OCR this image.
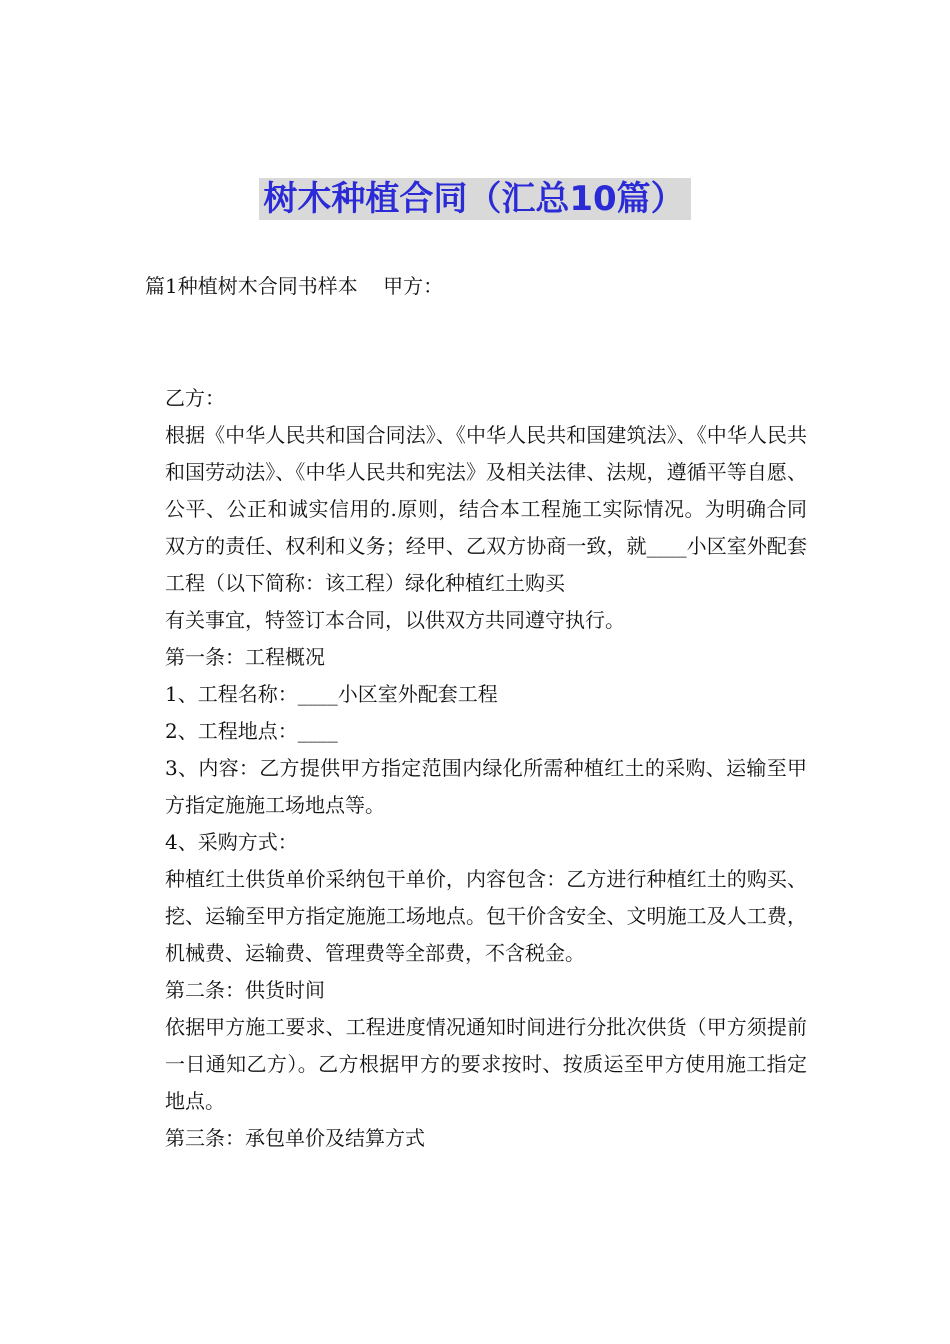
树木种植合同（汇总10篇）
篇1种植树木合同书样本    甲方：

乙方：

根据《中华人民共和国合同法》、《中华人民共和国建筑法》、《中华人民共和国劳动法》、《中华人民共和宪法》及相关法律、法规，遵循平等自愿、公平、公正和诚实信用的.原则，结合本工程施工实际情况。为明确合同双方的责任、权利和义务；经甲、乙双方协商一致，就____小区室外配套工程（以下简称：该工程）绿化种植红土购买

有关事宜，特签订本合同，以供双方共同遵守执行。

第一条：工程概况

1、工程名称：____小区室外配套工程

2、工程地点：____

3、内容：乙方提供甲方指定范围内绿化所需种植红土的采购、运输至甲方指定施施工场地点等。

4、采购方式：

种植红土供货单价采纳包干单价，内容包含：乙方进行种植红土的购买、挖、运输至甲方指定施施工场地点。包干价含安全、文明施工及人工费，机械费、运输费、管理费等全部费，不含税金。

第二条：供货时间

依据甲方施工要求、工程进度情况通知时间进行分批次供货（甲方须提前一日通知乙方）。乙方根据甲方的要求按时、按质运至甲方使用施工指定地点。

第三条：承包单价及结算方式
